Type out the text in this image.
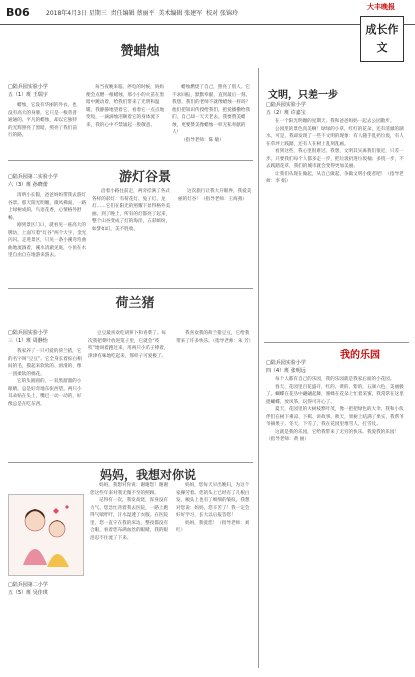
B06	2018年4月3日 星期三 责任编辑 蔡丽平 美术编辑 张建军 校对 张锦玲
大丰晚报
成长作文
赞蜡烛
□陆兵园实验小学
五（1）班 王瑞宇

蜡烛，它没有华丽的外衣，也没有高大的身躯，它只是一根普普通通的、平凡的蜡烛，却以它独特的光辉照亮了黑暗，照亮了我们前行的路。

每当夜晚来临，停电的时候，妈妈便会点燃一根蜡烛，那小小的火苗在黑暗中跳动着，给我们带来了光明和温暖。我静静地望着它，看着它一点点地变短，一滴滴烛泪顺着它的身体流下来，我的心中不禁涌起一股敬意。

蜡烛燃烧了自己，照亮了别人。它不求回报，默默奉献，直到最后一刻。我想，我们的老师不就像蜡烛一样吗？他们把知识传授给我们，把爱播撒给我们，自己却一天天老去。我要赞美蜡烛，更要赞美像蜡烛一样无私奉献的人！

（指导老师：陈 敏）

游灯谷景
□陆兵园第二实验小学
六（3）班 孙晓蕾

清明小长假，爸爸妈妈带我去游灯谷景。那天阳光明媚，微风拂面，一路上绿树成荫，鸟语花香，心情格外舒畅。

刚到景区门口，就看见一座高大的牌坊，上面写着“灯谷”两个大字，金光闪闪。走进景区，只见一条小溪弯弯曲曲地流淌着，溪水清澈见底，小鱼在水里自由自在地游来游去。

沿着小路往前走，两旁挂满了各式各样的彩灯：有荷花灯、兔子灯、龙灯……它们在阳光的照耀下显得格外美丽。到了晚上，所有的灯都亮了起来，整个山谷变成了灯的海洋，五彩缤纷，如梦如幻，美不胜收。

这次旅行让我大开眼界，我爱美丽的灯谷！（指导老师：王海燕）

荷兰猪
□陆兵园实验小学
三（1）班 周静怡

我家养了一只可爱的荷兰猪，它的名字叫“豆豆”。它全身长着棕白相间的毛，摸起来软软的、滑滑的，像一团柔软的棉花。

它的头圆圆的，一双黑溜溜的小眼睛，总是好奇地东张西望。两只小耳朵贴在头上，嘴巴一动一动的，好像总是在吃东西。

豆豆最喜欢吃胡萝卜和青菜了。每次我把菜叶放进笼子里，它就会“吱吱”地叫着跑过来，用两只小爪子捧着，津津有味地吃起来，那样子可爱极了。

我喜欢我的荷兰猪豆豆，它给我带来了许多快乐。（指导老师：朱 芳）

妈妈，我想对你说

妈妈，我想对你说：谢谢您！谢谢您这些年来对我无微不至的照顾。

记得有一次，我发高烧，浑身没有力气。您急忙背着我去医院，一路上跑得气喘吁吁，汗水湿透了衣服。在医院里，您一直守在我的床边，整夜都没有合眼。看着您布满血丝的眼睛，我的眼泪忍不住流了下来。

妈妈，您每天早出晚归，为这个家操劳着。您的头上已经有了几根白发，额头上也有了细细的皱纹。我想对您说：妈妈，您辛苦了！我一定会好好学习，长大以后报答您！

妈妈，我爱您！（指导老师：刘 红）

□陆兵园第二小学
五（5）班 吴佳琪
文明，只差一步
□陆兵园实验小学
五（2）班 许嘉宝

在一个阳光明媚的星期天，我和爸爸妈妈一起去公园散步。

公园里的景色真美啊！绿绿的小草，红红的花朵，还有清澈的湖水。可是，我却发现了一些不文明的现象：有人随手乱扔垃圾，有人在草坪上践踏，还有人在树上乱刻乱画。

看到这些，我心里很难过。我想，文明其实离我们很近，只差一步。只要我们每个人都多走一步，把垃圾扔进垃圾桶；多绕一步，不去践踏花草，我们的城市就会变得更加美丽。

让我们从现在做起，从自己做起，争做文明小使者吧！（指导老师：李 娟）

我的乐园
□陆兵园实验小学
四（4）班 张明远

每个人都有自己的乐园，我的乐园就是我家后面的小花园。

春天，花园里百花盛开，红的、黄的、紫的，五颜六色，美丽极了。蝴蝶在花丛中翩翩起舞，蜜蜂在花朵上忙着采蜜。我常常在这里捉蝴蝶、放风筝，玩得可开心了。

夏天，花园里的大树枝繁叶茂，像一把把绿色的大伞。我和小伙伴们在树下乘凉、下棋、讲故事。秋天，果树上结满了果实，我帮爷爷摘果子。冬天，下雪了，我在花园里堆雪人、打雪仗。

这就是我的乐园，它给我带来了无穷的快乐。我爱我的乐园！（指导老师：黄 丽）
